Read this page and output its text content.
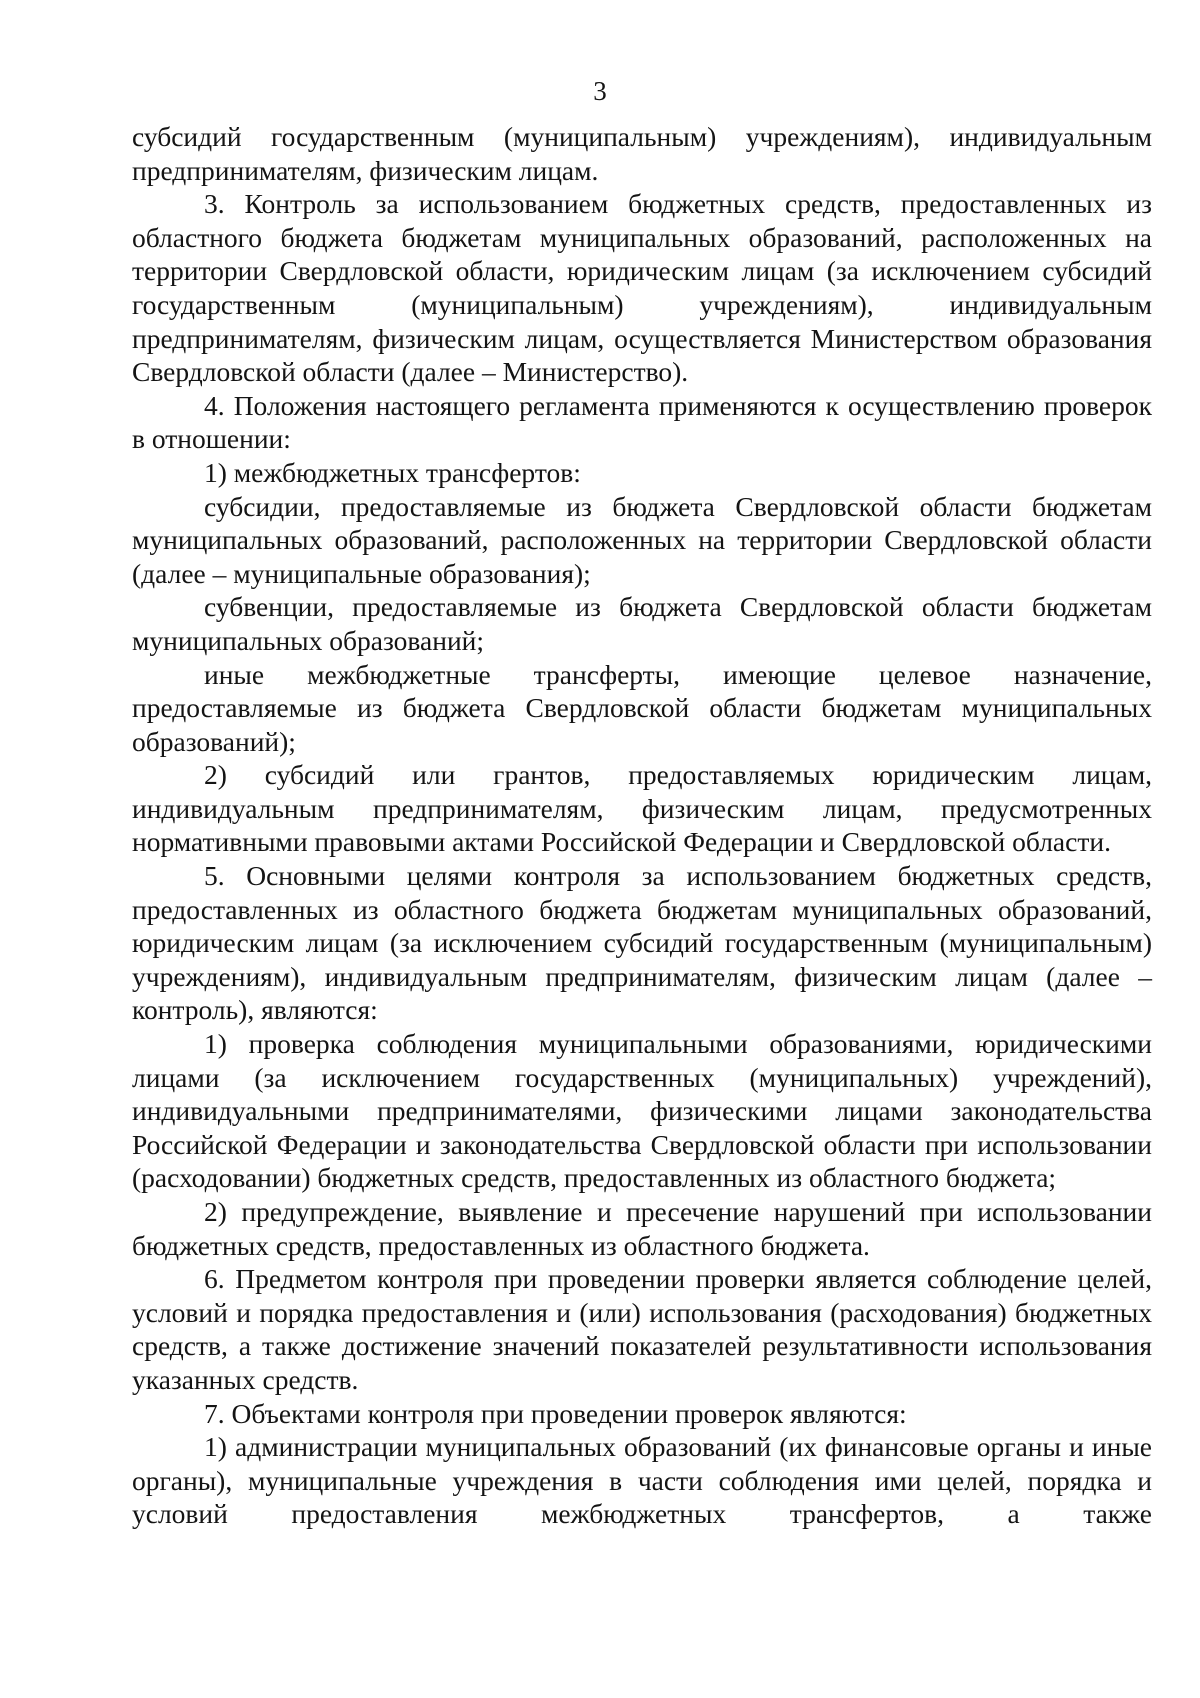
3

субсидий государственным (муниципальным) учреждениям), индивидуальным предпринимателям, физическим лицам.

3. Контроль за использованием бюджетных средств, предоставленных из областного бюджета бюджетам муниципальных образований, расположенных на территории Свердловской области, юридическим лицам (за исключением субсидий государственным (муниципальным) учреждениям), индивидуальным предпринимателям, физическим лицам, осуществляется Министерством образования Свердловской области (далее – Министерство).

4. Положения настоящего регламента применяются к осуществлению проверок в отношении:

1) межбюджетных трансфертов:

субсидии, предоставляемые из бюджета Свердловской области бюджетам муниципальных образований, расположенных на территории Свердловской области (далее – муниципальные образования);

субвенции, предоставляемые из бюджета Свердловской области бюджетам муниципальных образований;

иные межбюджетные трансферты, имеющие целевое назначение, предоставляемые из бюджета Свердловской области бюджетам муниципальных образований);

2) субсидий или грантов, предоставляемых юридическим лицам, индивидуальным предпринимателям, физическим лицам, предусмотренных нормативными правовыми актами Российской Федерации и Свердловской области.

5. Основными целями контроля за использованием бюджетных средств, предоставленных из областного бюджета бюджетам муниципальных образований, юридическим лицам (за исключением субсидий государственным (муниципальным) учреждениям), индивидуальным предпринимателям, физическим лицам (далее – контроль), являются:

1) проверка соблюдения муниципальными образованиями, юридическими лицами (за исключением государственных (муниципальных) учреждений), индивидуальными предпринимателями, физическими лицами законодательства Российской Федерации и законодательства Свердловской области при использовании (расходовании) бюджетных средств, предоставленных из областного бюджета;

2) предупреждение, выявление и пресечение нарушений при использовании бюджетных средств, предоставленных из областного бюджета.

6. Предметом контроля при проведении проверки является соблюдение целей, условий и порядка предоставления и (или) использования (расходования) бюджетных средств, а также достижение значений показателей результативности использования указанных средств.

7. Объектами контроля при проведении проверок являются:

1) администрации муниципальных образований (их финансовые органы и иные органы), муниципальные учреждения в части соблюдения ими целей, порядка и условий предоставления межбюджетных трансфертов, а также
